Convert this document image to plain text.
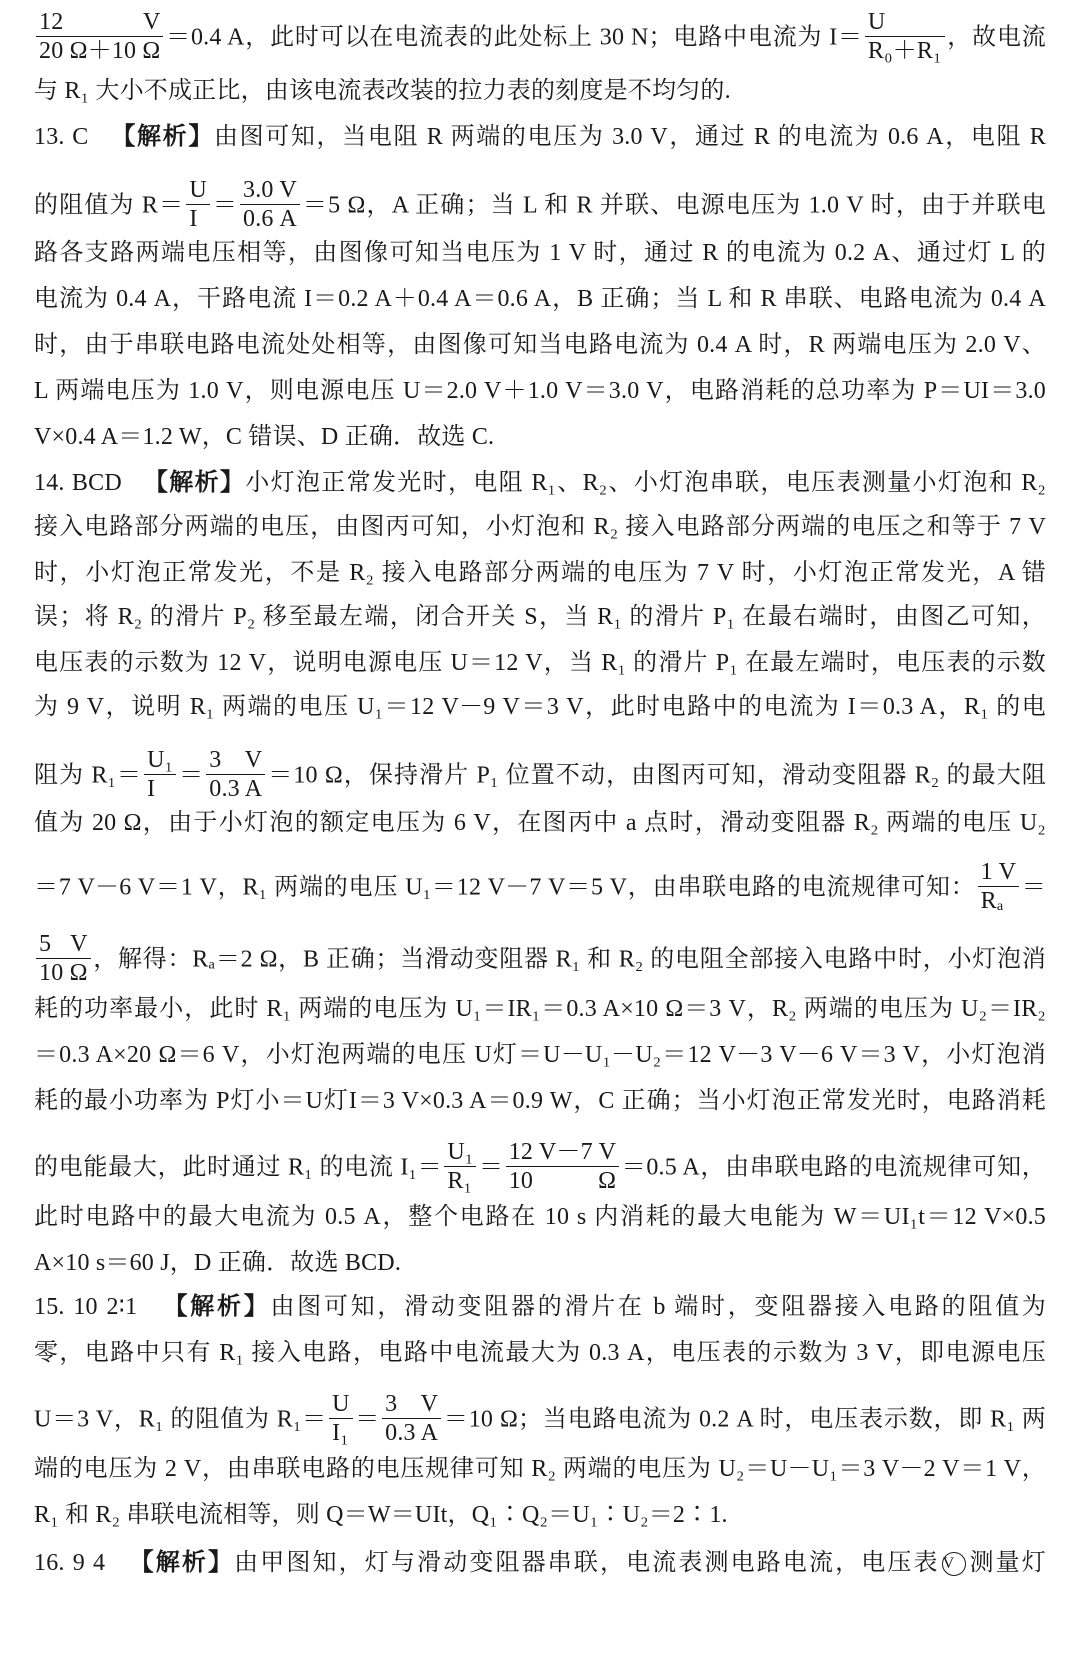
$\frac{12 V}{20 \Omega+10 \Omega} =0.4$ A，此时可以在电流表的此处标上 30 N；电路中电流为 $I= \frac{U}{\text{R₀＋R₁}}$ ，故电流
与 R₁ 大小不成正比，由该电流表改装的拉力表的刻度是不均匀的.
13. C 【解析】由图可知，当电阻 R 两端的电压为 3.0 V，通过 R 的电流为 0.6 A，电阻 R
的阻值为 $R= \frac{U}{I} = \frac{3.0 V}{0.6 A} =5$ Ω，A 正确；当 L 和 R 并联、电源电压为 1.0 V 时，由于并联电
路各支路两端电压相等，由图像可知当电压为 1 V 时，通过 R 的电流为 0.2 A、通过灯 L 的
电流为 0.4 A，干路电流 I＝0.2 A＋0.4 A＝0.6 A，B 正确；当 L 和 R 串联、电路电流为 0.4 A
时，由于串联电路电流处处相等，由图像可知当电路电流为 0.4 A 时，R 两端电压为 2.0 V、
L 两端电压为 1.0 V，则电源电压 U＝2.0 V＋1.0 V＝3.0 V，电路消耗的总功率为 P＝UI＝3.0
V×0.4 A＝1.2 W，C 错误、D 正确．故选 C.
14. BCD 【解析】小灯泡正常发光时，电阻 R₁、R₂、小灯泡串联，电压表测量小灯泡和 R₂
接入电路部分两端的电压，由图丙可知，小灯泡和 R₂ 接入电路部分两端的电压之和等于 7 V
时，小灯泡正常发光，不是 R₂ 接入电路部分两端的电压为 7 V 时，小灯泡正常发光，A 错
误；将 R₂ 的滑片 P₂ 移至最左端，闭合开关 S，当 R₁ 的滑片 P₁ 在最右端时，由图乙可知，
电压表的示数为 12 V，说明电源电压 U＝12 V，当 R₁ 的滑片 P₁ 在最左端时，电压表的示数
为 9 V，说明 R₁ 两端的电压 U₁＝12 V－9 V＝3 V，此时电路中的电流为 I＝0.3 A，R₁ 的电
阻为 $R_1= \frac{\text{U₁}}{I} = \frac{3 V}{0.3 A} =10$ Ω，保持滑片 P₁ 位置不动，由图丙可知，滑动变阻器 R₂ 的最大阻
值为 20 Ω，由于小灯泡的额定电压为 6 V，在图丙中 a 点时，滑动变阻器 R₂ 两端的电压 U₂
＝7 V－6 V＝1 V，R₁ 两端的电压 U₁＝12 V－7 V＝5 V，由串联电路的电流规律可知： $\frac{1 V}{\text{Rₐ}}$ ＝
$\frac{5 V}{10 \Omega}$ ，解得：Rₐ＝2 Ω，B 正确；当滑动变阻器 R₁ 和 R₂ 的电阻全部接入电路中时，小灯泡消
耗的功率最小，此时 R₁ 两端的电压为 U₁＝IR₁＝0.3 A×10 Ω＝3 V，R₂ 两端的电压为 U₂＝IR₂
＝0.3 A×20 Ω＝6 V，小灯泡两端的电压 U灯＝U－U₁－U₂＝12 V－3 V－6 V＝3 V，小灯泡消
耗的最小功率为 P灯小＝U灯I＝3 V×0.3 A＝0.9 W，C 正确；当小灯泡正常发光时，电路消耗
的电能最大，此时通过 R₁ 的电流 $I_1= \frac{\text{U₁}}{\text{R₁}} = \frac{12 V-7 V}{10 \Omega} =0.5$ A，由串联电路的电流规律可知，
此时电路中的最大电流为 0.5 A，整个电路在 10 s 内消耗的最大电能为 W＝UI₁t＝12 V×0.5
A×10 s＝60 J，D 正确．故选 BCD.
15. 10 2∶1 【解析】由图可知，滑动变阻器的滑片在 b 端时，变阻器接入电路的阻值为
零，电路中只有 R₁ 接入电路，电路中电流最大为 0.3 A，电压表的示数为 3 V，即电源电压
U＝3 V，R₁ 的阻值为 $R_1= \frac{U}{\text{I₁}} = \frac{3 V}{0.3 A} =10$ Ω；当电路电流为 0.2 A 时，电压表示数，即 R₁ 两
端的电压为 2 V，由串联电路的电压规律可知 R₂ 两端的电压为 U₂＝U－U₁＝3 V－2 V＝1 V，
R₁ 和 R₂ 串联电流相等，则 Q＝W＝UIt，Q₁∶Q₂＝U₁∶U₂＝2∶1.
16. 9 4 【解析】由甲图知，灯与滑动变阻器串联，电流表测电路电流，电压表 V 测量灯
